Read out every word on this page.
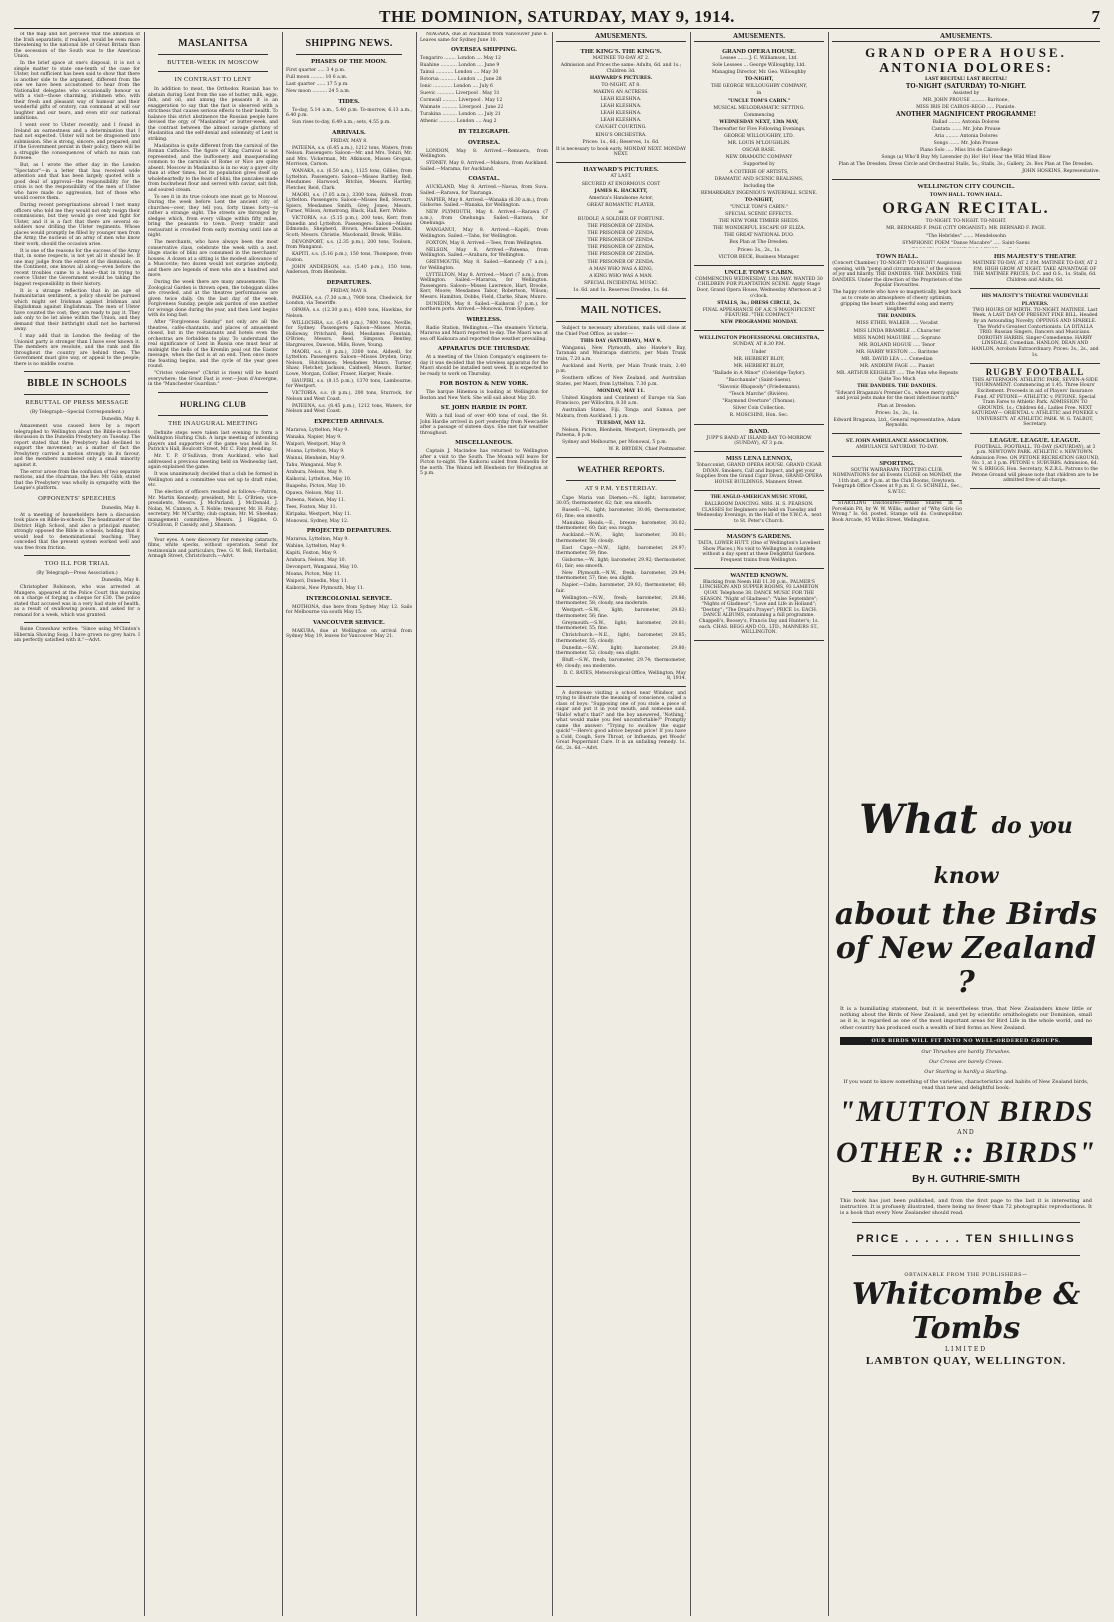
THE DOMINION, SATURDAY, MAY 9, 1914.	7

of the map and not perceive that the ambition of the Irish separatists, if realised, would be even more threatening to the national life of Great Britain than the secession of the South was to the American Union.

In the brief space at one's disposal, it is not a simple matter to state one-tenth of the case for Ulster, but sufficient has been said to show that there is another side to the argument, different from the one we have been accustomed to hear from the Nationalist delegates who occasionally honour us with a visit—those charming, irishmen who, with their fresh and pleasant way of humour and their wonderful gifts of oratory, can command at will our laughter and our tears, and even stir our national ambitions.

I went over to Ulster recently, and I found in Ireland an earnestness and a determination that I had not expected. Ulster will not be dragooned into submission. She is strong, sincere, and prepared; and if the Government persist in their policy, there will be a struggle the consequences of which no man can foresee.

But, as I wrote the other day in the London "Spectator"—in a letter that has received wide attention and that has been largely quoted with a good deal of approval—the responsibility for the crisis is not the responsibility of the men of Ulster who have made no aggression, but of those who would coerce them.

During recent peregrinations abroad I met many officers who told me they would not only resign their commissions, but they would go over and fight for Ulster, and it is a fact that there are several ex-soldiers now drilling the Ulster regiments. Whose places would promptly be filled by younger men from the Army, the nucleus of an army of men who know their work, should the occasion arise.

It is one of the reasons for the success of the Army that, in some respects, is not yet all it should be. If one may judge from the extent of the dismissals, on the Continent, one knows all along—even before the recent troubles came to a head—that in trying to coerce Ulster the Government would be taking the biggest responsibility in their history.

It is a strange reflection that in an age of humanitarian sentiment, a policy should be pursued which might set Irishman against Irishman and Englishman against Englishman. The men of Ulster have counted the cost; they are ready to pay it. They ask only to be let alone within the Union, and they demand that their birthright shall not be bartered away.

I may add that in London the feeling of the Unionist party is stronger than I have ever known it. The members are resolute, and the rank and file throughout the country are behind them. The Government must give way, or appeal to the people; there is no middle course.

BIBLE IN SCHOOLS
REBUTTAL OF PRESS MESSAGE

(By Telegraph—Special Correspondent.)

Dunedin, May 8.

Amazement was caused here by a report telegraphed to Wellington about the Bible-in-schools discussion in the Dunedin Presbytery on Tuesday. The report stated that the Presbytery had declined to support the movement; as a matter of fact the Presbytery carried a motion strongly in its favour, and the members numbered only a small minority against it.

The error arose from the confusion of two separate motions, and the chairman, the Rev. Mr. Gibb, stated that the Presbytery was wholly in sympathy with the League's platform.

OPPONENTS' SPEECHES

Dunedin, May 8.

At a meeting of householders here a discussion took place on Bible-in-schools. The headmaster of the District High School, and also a principal master, strongly opposed the Bible in schools, holding that it would lead to denominational teaching. They conceded that the present system worked well and was free from friction.

TOO ILL FOR TRIAL

(By Telegraph—Press Association.)

Dunedin, May 8.

Christopher Robinson, who was arrested at Mangere, appeared at the Police Court this morning on a charge of forging a cheque for £30. The police stated that accused was in a very bad state of health, as a result of swallowing poison, and asked for a remand for a week, which was granted.

Baine Crawshaw writes: "Since using M'Clinton's Hibernia Shaving Soap, I have grown no grey hairs. I am perfectly satisfied with it."—Advt.

MASLANITSA
BUTTER-WEEK IN MOSCOW
IN CONTRAST TO LENT

In addition to meat, the Orthodox Russian has to abstain during Lent from the use of butter, milk, eggs, fish, and oil, and among the peasants it is an exaggeration to say that the fast is observed with a strictness that causes serious effects to their health. To balance this strict abstinence the Russian people have devised the orgy of "Maslanitsa" or butter-week, and the contrast between the almost savage gluttony of Maslanitsa and the self-denial and solemnity of Lent is striking.

Maslanitsa is quite different from the carnival of the Roman Catholics. The figure of King Carnival is not represented, and the buffoonery and masquerading common to the carnivals of Rome or Nice are quite absent. Moscow in Maslanitsa is in no way a gayer city than at other times, but its population gives itself up wholeheartedly to the feast of blini, the pancakes made from buckwheat flour and served with caviar, salt fish, and soured cream.

To see it in its true colours one must go to Moscow. During the week before Lent the ancient city of churches—over, they tell you, forty times forty—is rather a strange sight. The streets are thronged by sledges which, from every village within fifty miles, bring the peasants to town. Every traktir and restaurant is crowded from early morning until late at night.

The merchants, who have always been the most conservative class, celebrate the week with a zest. Huge stacks of blini are consumed in the merchants' houses. A dozen at a sitting is the modest allowance of a Muscovite; two dozen would not surprise anybody, and there are legends of men who ate a hundred and more.

During the week there are many amusements. The Zoological Garden is thrown open, the toboggan slides are crowded, and at the theatres performances are given twice daily. On the last day of the week, Forgiveness Sunday, people ask pardon of one another for wrongs done during the year, and then Lent begins with its long fast.

After "Forgiveness Sunday" not only are all the theatres, cafés-chantants, and places of amusement closed, but in the restaurants and hotels even the orchestras are forbidden to play. To understand the real significance of Lent in Russia one must hear at midnight the bells of the Kremlin peal out the Easter message, when the fast is at an end. Then once more the feasting begins, and the cycle of the year goes round.

"Cristos voskresse" (Christ is risen) will be heard everywhere; the Great Fast is over.—Jean d'Auvergne, in the "Manchester Guardian."

HURLING CLUB
THE INAUGURAL MEETING

Definite steps were taken last evening to form a Wellington Hurling Club. A large meeting of intending players and supporters of the game was held in St. Patrick's Hall, Boulcott Street, Mr. C. Fahy presiding.

Mr. T. P. O'Sullivan, from Auckland, who had addressed a previous meeting held on Wednesday last, again explained the game.

It was unanimously decided that a club be formed in Wellington and a committee was set up to draft rules, etc.

The election of officers resulted as follows:—Patron, Mr. Martin Kennedy; president, Mr. L. O'Brien; vice-presidents, Messrs. J. McParland, J. McDonald, J. Nolan, M. Cannon, A. T. Noble; treasurer, Mr. H. Fahy; secretary, Mr. M'Carthy; club captain, Mr. M. Sheehan; management committee, Messrs. J. Higgins, O. O'Sullivan, P. Cassidy, and J. Shannon.

Your eyes. A new discovery for removing cataracts, films, white specks, without operation. Send for testimonials and particulars, free. G. W. Bell, Herbalist, Armagh Street, Christchurch.—Advt.

SHIPPING NEWS.
PHASES OF THE MOON.

First quarter ..... 3 4 p.m.

Full moon ......... 10 6 a.m.

Last quarter ...... 17 5 p.m.

New moon .......... 24 5 a.m.

TIDES.

To-day, 5.14 a.m., 5.40 p.m. To-morrow, 6.13 a.m., 6.40 p.m.

Sun rises to-day, 6.49 a.m.; sets, 4.55 p.m.

ARRIVALS.

FRIDAY, MAY 8.

PATEENA, s.s. (6.45 a.m.), 1212 tons, Waters, from Nelson. Passengers: Saloon—Mr. and Mrs. Tohiri, Mr. and Mrs. Vickerman, Mr. Atkinson, Misses Grogan, Morrison, Carson.

WANAKA, s.s. (6.50 a.m.), 1125 tons, Gillies, from Lyttelton. Passengers: Saloon—Misses Bartley, Bell, Mesdames Harwood, Ritchie, Messrs. Hartley, Fletcher, Reid, Clark.

MAORI, s.s. (7.05 a.m.), 3300 tons, Aldwell, from Lyttelton. Passengers: Saloon—Misses Bell, Stewart, Spiers, Mesdames Smith, Grey, Jones; Messrs. Turner, Wilson, Armstrong, Black, Hall, Kerr, White.

VICTORIA, s.s. (5.15 p.m.), 200 tons, Kerr, from Dunedin and Lyttelton. Passengers: Saloon—Misses Edmonds, Shepherd, Brown, Mesdames Doublin, Scott; Messrs. Christie, Macdonald, Brook, Willis.

DEVONPORT, s.s. (2.35 p.m.), 200 tons, Toulson, from Wanganui.

KAPITI, s.s. (5.16 p.m.), 150 tons, Thompson, from Foxton.

JOHN ANDERSON, s.s. (5.40 p.m.), 150 tons, Anderson, from Blenheim.

DEPARTURES.

FRIDAY, MAY 8.

PAKEHA, s.s. (7.30 a.m.), 7900 tons, Chedwick, for London, via Teneriffe.

OPAWA, s.s. (12.30 p.m.), 4500 tons, Hawkins, for Nelson.

WILLOCHRA, s.s. (5.40 p.m.), 7800 tons, Neville, for Sydney. Passengers: Saloon—Misses Moran, Holloway, Pritchard, Reid, Mesdames Fountain, O'Brien; Messrs. Reed, Simpson, Bentley, Hargreaves, Dawson, Mills, Rowe, Young.

MAORI, s.s. (8 p.m.), 3300 tons, Aldwell, for Lyttelton. Passengers: Saloon—Misses Dryden, Gray, Nelson, Hutchinson; Mesdames Munro, Turner, Shaw, Fletcher, Jackson, Caldwell; Messrs. Barker, Lowe, Morgan, Collier, Fraser, Harper, Neale.

HAUPIRI, s.s. (8.15 p.m.), 1370 tons, Lambourne, for Westport.

VICTORIA, s.s. (8 p.m.), 200 tons, Sturrock, for Nelson and West Coast.

PATEENA, s.s. (8.45 p.m.), 1212 tons, Waters, for Nelson and West Coast.

EXPECTED ARRIVALS.

Mararoa, Lyttelton, May 9.

Wanaka, Napier, May 9.

Waipori, Westport, May 9.

Moana, Lyttelton, May 9.

Wainui, Blenheim, May 9.

Tahu, Wanganui, May 9.

Arahura, Nelson, May 9.

Kaikorai, Lyttelton, May 10.

Ruapehu, Picton, May 10.

Opawa, Nelson, May 11.

Pateena, Nelson, May 11.

Tees, Foxton, May 11.

Kiripaka, Westport, May 11.

Monowai, Sydney, May 12.

PROJECTED DEPARTURES.

Mararoa, Lyttelton, May 9.

Wahine, Lyttelton, May 9.

Kapiti, Foxton, May 9.

Arahura, Nelson, May 10.

Devonport, Wanganui, May 10.

Moana, Picton, May 11.

Waipori, Dunedin, May 11.

Kaikorai, New Plymouth, May 11.

INTERCOLONIAL SERVICE.

MOTHONA, due here from Sydney May 12. Sails for Melbourne via south May 15.

VANCOUVER SERVICE.

MAKURA, due at Wellington on arrival from Sydney May 19, leaves for Vancouver May 21.

NIAGARA, due at Auckland from Vancouver June 6. Leaves same for Sydney June 10.

OVERSEA SHIPPING.

Tongariro ........ London .... May 12

Ruahine ........... London .... June 9

Tainui ............ London .... May 30

Rotorua ........... London .... June 28

Ionic ............. London .... July 6

Suevic ............ Liverpool . May 31

Cornwall .......... Liverpool . May 12

Waimate ........... Liverpool . June 22

Turakina .......... London .... July 21

Athenic ........... London .... Aug 2

BY TELEGRAPH.
OVERSEA.

LONDON, May 8. Arrived.—Remuera, from Wellington.

SYDNEY, May 8. Arrived.—Makura, from Auckland. Sailed.—Marama, for Auckland.

COASTAL.

AUCKLAND, May 8. Arrived.—Navua, from Suva. Sailed.—Rarawa, for Tauranga.

NAPIER, May 8. Arrived.—Wanaka (6.30 a.m.), from Gisborne. Sailed.—Wanaka, for Wellington.

NEW PLYMOUTH, May 8. Arrived.—Rarawa (7 a.m.), from Onehunga. Sailed.—Rarawa, for Onehunga.

WANGANUI, May 8. Arrived.—Kapiti, from Wellington. Sailed.—Tahu, for Wellington.

FOXTON, May 8. Arrived.—Tees, from Wellington.

NELSON, May 8. Arrived.—Pateena, from Wellington. Sailed.—Arahura, for Wellington.

GREYMOUTH, May 8. Sailed.—Kennedy (7 a.m.), for Wellington.

LYTTELTON, May 8. Arrived.—Maori (7 a.m.), from Wellington. Sailed.—Mararoa, for Wellington. Passengers: Saloon—Misses Lawrence, Hart, Brooke, Kerr, Moore; Mesdames Tabor, Robertson, Wilson; Messrs. Hamilton, Dobbs, Field, Clarke, Shaw, Munro.

DUNEDIN, May 8. Sailed.—Kaikorai (7 p.m.), for northern ports. Arrived.—Monowai, from Sydney.

WIRELESS.

Radio Station, Wellington.—The steamers Victoria, Mararoa and Maori reported to-day. The Maori was at sea off Kaikoura and reported fine weather prevailing.

APPARATUS DUE THURSDAY.

At a meeting of the Union Company's engineers to-day it was decided that the wireless apparatus for the Maori should be installed next week. It is expected to be ready to work on Thursday.

FOR BOSTON & NEW YORK.

The barque Hinemoa is loading at Wellington for Boston and New York. She will sail about May 20.

ST. JOHN HARDIE IN PORT.

With a full load of over 400 tons of coal, the St. John Hardie arrived in port yesterday from Newcastle after a passage of sixteen days. She met fair weather throughout.

MISCELLANEOUS.

Captain J. Macindoe has returned to Wellington after a visit to the South. The Moana will leave for Picton to-night. The Kaikorai sailed from Dunedin for the north. The Wainui left Blenheim for Wellington at 5 p.m.

AMUSEMENTS.
THE KING'S. THE KING'S.

MATINEE TO-DAY AT 2.

Admission and Prices the same: Adults, 6d. and 1s.; Children 3d.

HAYWARD'S PICTURES.

TO-NIGHT, AT 8.

MAKING AN ACTRESS.

LEAH KLESHNA.

LEAH KLESHNA.

LEAH KLESHNA.

LEAH KLESHNA.

CAUGHT COURTING.

KING'S ORCHESTRA.

Prices: 1s., 6d.; Reserves, 1s. 6d.

It is necessary to book early. MONDAY NEXT. MONDAY NEXT.

HAYWARD'S PICTURES.

AT LAST.

SECURED AT ENORMOUS COST

JAMES K. HACKETT,

America's Handsome Actor,

GREAT ROMANTIC PLAYER,

as

RUDOLF, A SOLDIER OF FORTUNE.

THE PRISONER OF ZENDA.

THE PRISONER OF ZENDA.

THE PRISONER OF ZENDA.

THE PRISONER OF ZENDA.

THE PRISONER OF ZENDA.

THE PRISONER OF ZENDA.

A MAN WHO WAS A KING,

A KING WHO WAS A MAN.

SPECIAL INCIDENTAL MUSIC.

1s. 6d. and 1s. Reserves Dresden, 1s. 6d.

MAIL NOTICES.

Subject to necessary alterations, mails will close at the Chief Post Office, as under:—

THIS DAY (SATURDAY), MAY 9.

Wanganui, New Plymouth, also Hawke's Bay, Taranaki and Wairarapa districts, per Main Trunk train, 7.20 a.m.

Auckland and North, per Main Trunk train, 2.40 p.m.

Southern offices of New Zealand, and Australian States, per Maori, from Lyttelton, 7.30 p.m.

MONDAY, MAY 11.

United Kingdom and Continent of Europe via San Francisco, per Willochra, 8.30 a.m.

Australian States, Fiji, Tonga and Samoa, per Makura, from Auckland, 1 p.m.

TUESDAY, MAY 12.

Nelson, Picton, Blenheim, Westport, Greymouth, per Pateena, 8 p.m.

Sydney and Melbourne, per Monowai, 5 p.m.

W. R. BRYDEN, Chief Postmaster.

WEATHER REPORTS.
AT 9 P.M. YESTERDAY.

Cape Maria van Diemen.—N., light; barometer, 30.05; thermometer, 62; fair, sea smooth.

Russell.—N., light; barometer, 30.06; thermometer, 61; fine; sea smooth.

Manukau Heads.—E., breeze; barometer, 30.02; thermometer, 60; fair; sea rough.

Auckland.—N.W., light; barometer, 30.01; thermometer, 58; cloudy.

East Cape.—N.W., light; barometer, 29.97; thermometer, 59; fine.

Gisborne.—W., light; barometer, 29.92; thermometer, 61; fair; sea smooth.

New Plymouth.—N.W., fresh; barometer, 29.94; thermometer, 57; fine; sea slight.

Napier.—Calm; barometer, 29.92; thermometer, 60; fair.

Wellington.—N.W., fresh; barometer, 29.86; thermometer, 58; cloudy, sea moderate.

Westport.—S.W., light; barometer, 29.83; thermometer, 56; fine.

Greymouth.—S.W., light; barometer, 29.81; thermometer, 55; fine.

Christchurch.—N.E., light; barometer, 29.85; thermometer, 55; cloudy.

Dunedin.—S.W., light; barometer, 29.80; thermometer, 52; cloudy; sea slight.

Bluff.—S.W., fresh; barometer, 29.74; thermometer, 49; cloudy; sea moderate.

D. C. BATES, Meteorological Office, Wellington, May 8, 1914.

A dormouse visiting a school near Windsor, and trying to illustrate the meaning of conscience, called a class of boys: "Supposing one of you stole a piece of sugar and put it in your mouth, and someone said, 'Hallo! what's that?' and the boy answered, 'Nothing,' what would make you feel uncomfortable?" Promptly came the answer: "Trying to swallow the sugar quick!"—Here's good advice beyond price! If you have a Cold, Cough, Sore Throat, or Influenza, get Woods' Great Peppermint Cure. It is an unfailing remedy. 1s. 6d., 2s. 6d.—Advt.

AMUSEMENTS.
GRAND OPERA HOUSE.

Lessee ....... J. C. Williamson, Ltd.

Sole Lessees ... George Willoughby, Ltd.

Managing Director, Mr. Geo. Willoughby

TO-NIGHT,

THE GEORGE WILLOUGHBY COMPANY,

in

"UNCLE TOM'S CABIN."

MUSICAL MELODRAMATIC SETTING.

Commencing

WEDNESDAY NEXT, 13th MAY,

Thereafter for Five Following Evenings,

GEORGE WILLOUGHBY, LTD.

MR. LOUIS M'LOUGHLIN.

OSCAR RASE.

NEW DRAMATIC COMPANY

Supported by

A COTERIE OF ARTISTS,

DRAMATIC AND SCENIC REALISMS,

Including the

REMARKABLY INGENIOUS WATERFALL SCENE.

TO-NIGHT,

"UNCLE TOM'S CABIN."

SPECIAL SCENIC EFFECTS.

THE NEW YORK TIMBER SHEDS.

THE WONDERFUL ESCAPE OF ELIZA.

THE GREAT NATIONAL DUO.

Box Plan at The Dresden.

Prices: 3s., 2s., 1s.

VICTOR BECK, Business Manager.

UNCLE TOM'S CABIN.

COMMENCING WEDNESDAY, 13th MAY. WANTED 30 CHILDREN FOR PLANTATION SCENE. Apply Stage Door, Grand Opera House, Wednesday Afternoon at 2 o'clock.

STALLS, 3s.; DRESS CIRCLE, 2s.

FINAL APPEARANCE OF A.K.'S MAGNIFICENT FEATURE. "THE COMPACT."

NEW PROGRAMME MONDAY.

WELLINGTON PROFESSIONAL ORCHESTRA,

SUNDAY, AT 8.30 P.M.

Under

MR. HERBERT BLOY,

MR. HERBERT BLOY,

"Ballade in A Minor" (Coleridge-Taylor).

"Bacchanale" (Saint-Saens).

"Slavonic Rhapsody" (Friedemann).

"Tesch Marche" (Rivière).

"Raymond Overture" (Thomas).

Silver Coin Collection.

R. MOSCHINI, Hon. Sec.

BAND.

JUPP'S BAND AT ISLAND BAY TO-MORROW (SUNDAY), AT 3 p.m.

MISS LENA LENNOX,

Tobacconist, GRAND OPERA HOUSE. GRAND CIGAR DIVAN. Smokers, Call and Inspect, and get your Supplies from the Grand Cigar Divan, GRAND OPERA HOUSE BUILDINGS, Manners Street.

THE ANGLO-AMERICAN MUSIC STORE,

BALLROOM DANCING. MRS. H. S. PEARSON. CLASSES for Beginners are held on Tuesday and Wednesday Evenings, in the Hall of the Y.W.C.A., next to St. Peter's Church.

MASON'S GARDENS.

TAITA, LOWER HUTT. (One of Wellington's Loveliest Show Places.) No visit to Wellington is complete without a day spent at these Delightful Gardens. Frequent trains from Wellington.

WANTED KNOWN.

Blacking from Neem Hill 11.30 p.m., PALMER'S LUNCHEON AND SUPPER ROOMS, 93 LAMBTON QUAY. Telephone 38. DANCE MUSIC FOR THE SEASON. "Night of Gladness"; "Valse Septembre"; "Nights of Gladness"; "Love and Life in Holland"; "Destiny"; "The Druid's Prayer"; PRICE 1s. EACH. DANCE ALBUMS, containing a full programme. Chappell's, Boosey's, Francis Day and Hunter's; 1s. each. CHAS. BEGG AND CO., LTD., MANNERS ST., WELLINGTON.

AMUSEMENTS.
GRAND OPERA HOUSE.
ANTONIA DOLORES:

LAST RECITAL! LAST RECITAL!

TO-NIGHT (SATURDAY) TO-NIGHT.

Assisted by

MR. JOHN PROUSE .......... Baritone,

MISS IRIS DE CAIROS-REGO ..... Pianiste.

ANOTHER MAGNIFICENT PROGRAMME!

Ballad ........ Antonia Dolores

Cantata ....... Mr. John Prouse

Aria ......... Antonia Dolores

Songs ....... Mr. John Prouse

Piano Solo ..... Miss Iris de Cairos-Rego

Songs (a) Who'll Buy My Lavender (b) Ho! Ho! Hear the Wild Wind Blow

Plan at The Dresden. Dress Circle and Orchestral Stalls, 5s.; Stalls, 3s.; Gallery, 2s. Box Plan at The Dresden.

JOHN HOSKINS, Representative.

WELLINGTON CITY COUNCIL.
TOWN HALL. TOWN HALL.
ORGAN RECITAL.

TO-NIGHT. TO-NIGHT. TO-NIGHT.

MR. BERNARD F. PAGE (CITY ORGANIST). MR. BERNARD F. PAGE.

"The Hebrides" ....... Mendelssohn

SYMPHONIC POEM "Danse Macabre" ..... Saint-Saens

TOWN HALL.

(Concert Chamber.) TO-NIGHT! TO-NIGHT! Auspicious opening, with "pomp and circumstance," of the season of joy and hilarity. THE DANDIES. THE DANDIES. THE DANDIES. Under the direction of the Proprietors of the Popular Favourites.

The happy coterie who have so magnetically, kept back as to create an atmosphere of cheery optimism, gripping the heart with cheerful song and merry laughter.

THE DANDIES.

MISS ETHEL WALKER ..... Vocalist

MISS LINDA BRAMBLE ... Character

MISS NAOMI MAGUIRE ..... Soprano

MR. ROLAND HOGUE ..... Tenor

MR. HARRY WESTON ..... Baritone

MR. DAVID LEA ..... Comedian

MR. ANDREW FAGE ..... Pianist

MR. ARTHUR KEIGHLEY ..... The Man who Repeats Quite Too Much

THE DANDIES. THE DANDIES.

"Edward Braganza's Premier Co., whose merry quips and jovial jests make for the most infectious mirth."

Plan at Dresden.

Prices: 3s., 2s., 1s.

Edward Braganza, Ltd., General representative, Adam Reynolds.

ST. JOHN AMBULANCE ASSOCIATION.

AMBULANCE SATURDAY, TO-DAY.

SPORTING.

SOUTH WAIRARAPA TROTTING CLUB. NOMINATIONS for all Events CLOSE on MONDAY, the 11th inst., at 9 p.m. at the Club Rooms, Greytown. Telegraph Office Closes at 9 p.m. E. G. SCHNELL, Sec., S.W.T.C.

STARTLING Disclosures—Whale Shares in a Porcelain Pit, by W. W. Willis, author of "Why Girls Go Wrong." Is. 6d. posted. Stamps will do. Cosmopolitan Book Arcade, 95 Willis Street, Wellington.

HIS MAJESTY'S THEATRE

MATINEE TO-DAY, AT 2 P.M. MATINEE TO-DAY, AT 2 P.M. HIGH GROW AT NIGHT. TAKE ADVANTAGE OF THE MATINEE PRICES, D.C. and O.S., 1s. Stalls, 6d. Children and Adults, 6d.

HIS MAJESTY'S THEATRE VAUDEVILLE PLAYERS.

TWO HOURS OF MIRTH. TO-NIGHT. MATINEE. Last Week. A LAST DAY OF PRESENT FINE BILL. Headed by an Astounding Novelty. OPPINGS AND SPARKLE. The World's Greatest Contortionists. LA DITALLA TRIO. Russian Singers, Dancers and Musicians. DOROTHY HARRIS, Singer-Comedienne. HARRY LINSDALE, Comedian. HANLON, DEAN AND HANLON, Acrobats Extraordinary. Prices: 3s., 2s., and 1s.

RUGBY FOOTBALL

THIS AFTERNOON. ATHLETIC PARK. SEVEN-A-SIDE TOURNAMENT. Commencing at 1.45. Three Hours' Excitement. Proceeds in aid of Players' Insurance Fund. AT PETONE— ATHLETIC v. PETONE. Special Tram Fares to Athletic Park. ADMISSION TO GROUNDS, 1s.; Children 6d.; Ladies Free. NEXT SATURDAY— ORIENTAL v. ATHLETIC and PONEKE v. UNIVERSITY. AT ATHLETIC PARK. W. G. TALBOT, Secretary.

LEAGUE. LEAGUE. LEAGUE.

FOOTBALL. FOOTBALL. TO-DAY (SATURDAY), at 3 p.m. NEWTOWN PARK. ATHLETIC v. NEWTOWN. Admission Free. ON PETONE RECREATION GROUND, No. 1, at 3 p.m. PETONE v. SUBURBS. Admission, 6d. W. S. BRIGGS, Hon. Secretary, N.Z.R.L. Patrons to the Petone Ground will please note that children are to be admitted free of all charge.

What do you know
about the Birds
of New Zealand ?
It is a humiliating statement, but it is nevertheless true, that New Zealanders know little or nothing about the Birds of New Zealand, and yet by scientific ornithologists our Dominion, small as it is, is regarded as one of the most important areas for Bird Life in the whole world, and no other country has produced such a wealth of bird forms as New Zealand.
OUR BIRDS WILL FIT INTO NO WELL-ORDERED GROUPS.
Our Thrushes are hardly Thrushes.
Our Crows are barely Crows.
Our Starling is hardly a Starling.
If you want to know something of the varieties, characteristics and habits of New Zealand birds, read that new and delightful book:
"MUTTON BIRDS
AND
OTHER :: BIRDS"
By H. GUTHRIE-SMITH
This book has just been published, and from the first page to the last it is interesting and instructive. It is profusely illustrated, there being no fewer than 72 photographic reproductions. It is a book that every New Zealander should read.
PRICE . . . . . . TEN SHILLINGS
OBTAINABLE FROM THE PUBLISHERS—
Whitcombe & Tombs
LIMITED
LAMBTON QUAY, WELLINGTON.
